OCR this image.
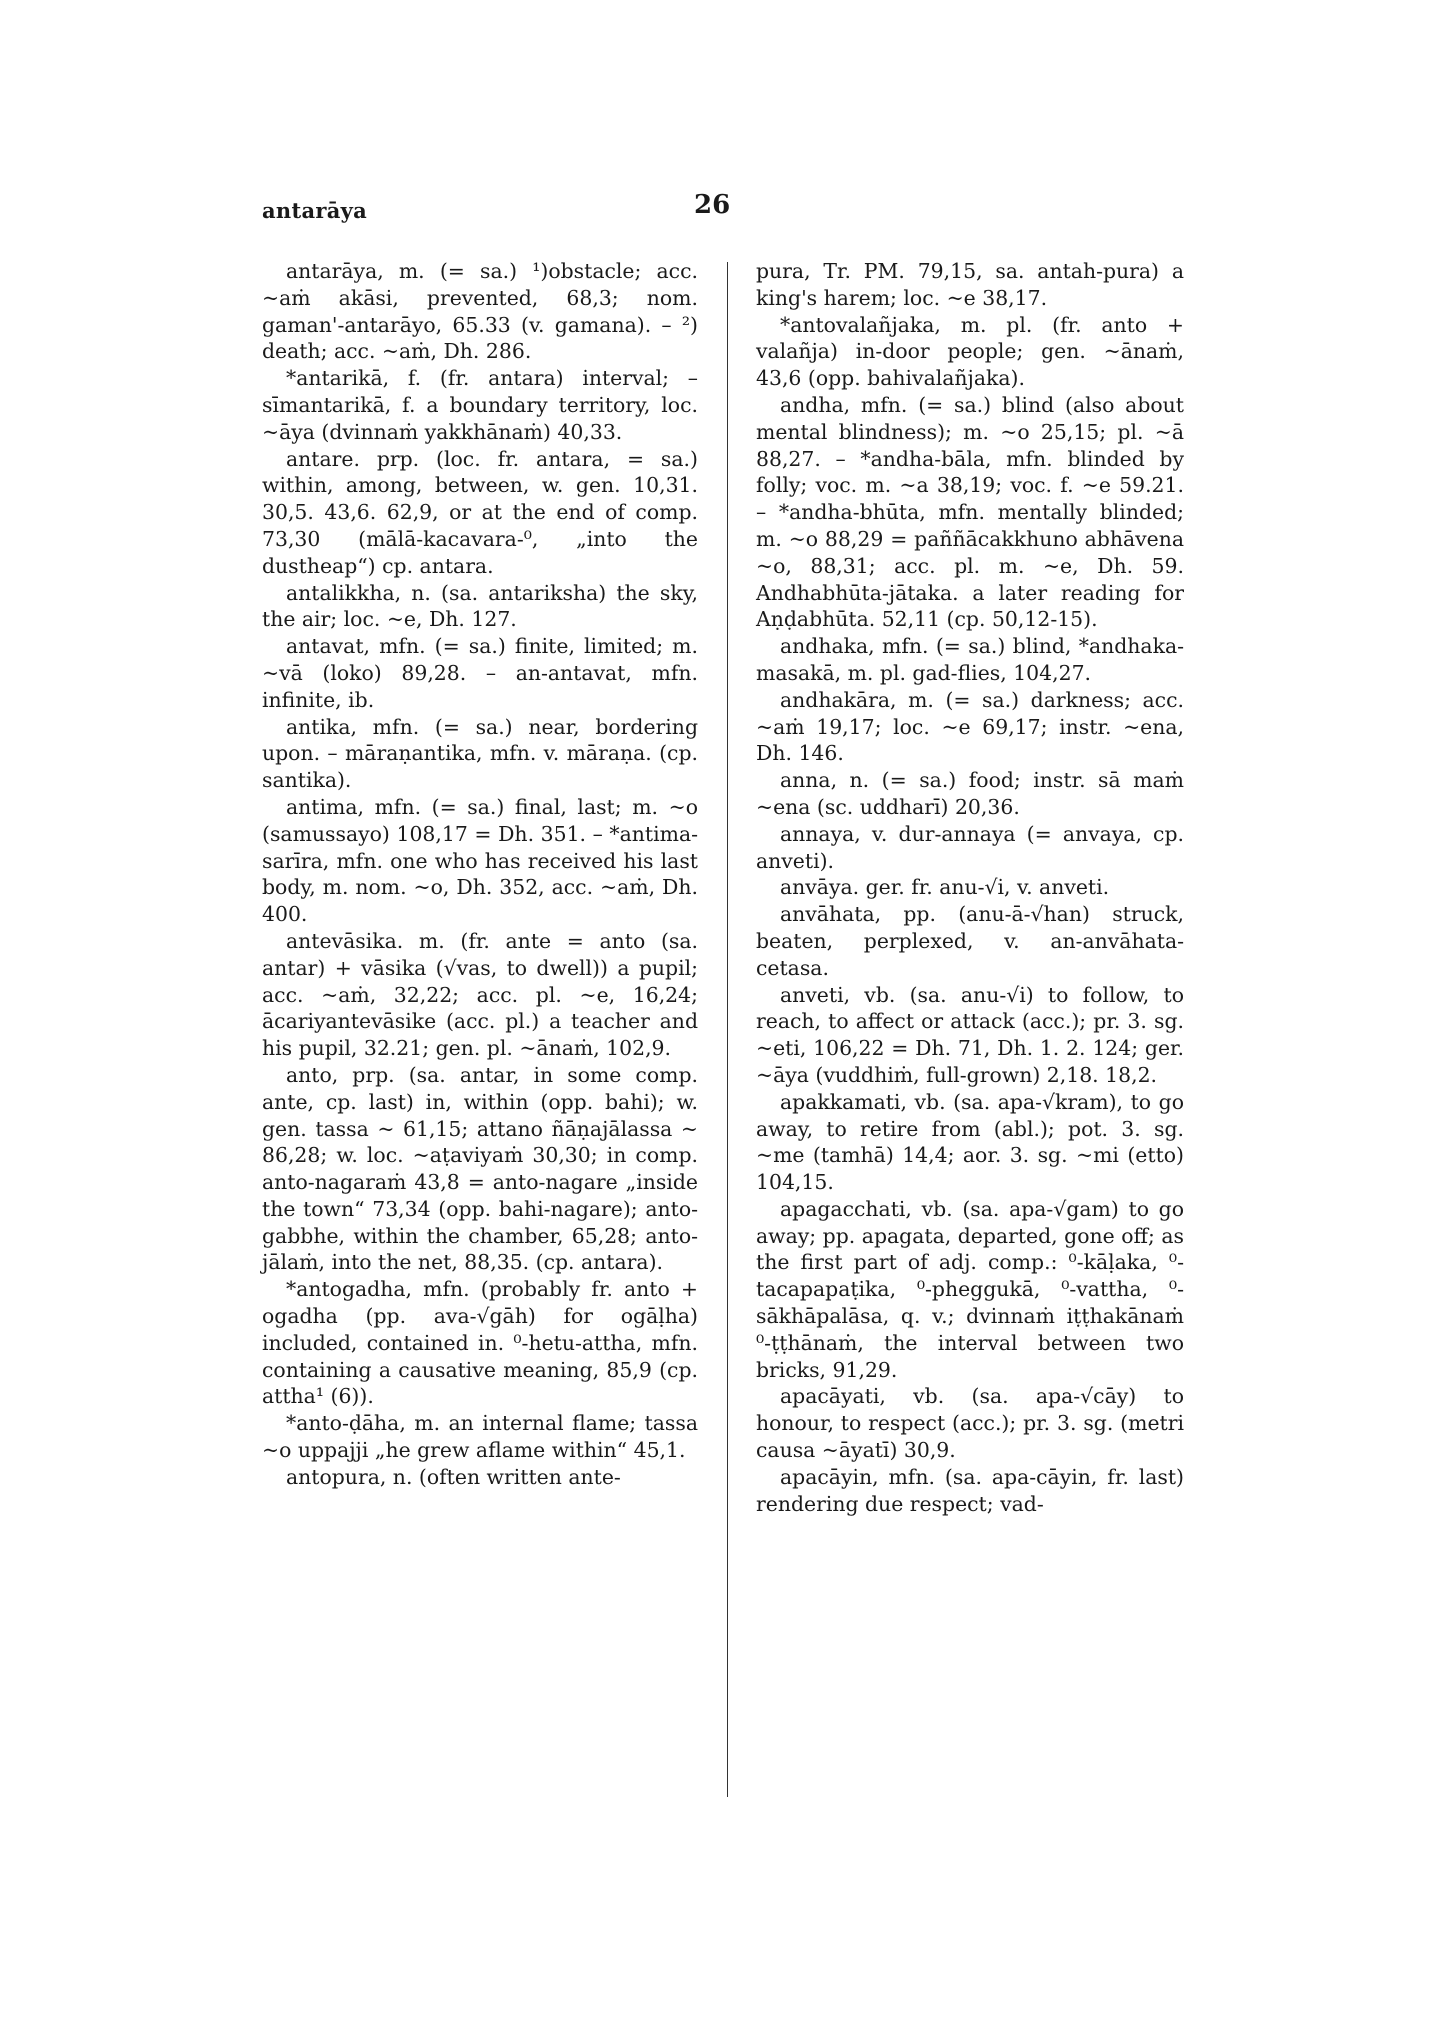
antarāya	26

antarāya, m. (= sa.) ¹)obstacle; acc. ~aṁ akāsi, prevented, 68,3; nom. gaman'-antarāyo, 65.33 (v. gamana). – ²) death; acc. ~aṁ, Dh. 286.

*antarikā, f. (fr. antara) interval; – sīmantarikā, f. a boundary territory, loc. ~āya (dvinnaṁ yakkhānaṁ) 40,33.

antare. prp. (loc. fr. antara, = sa.) within, among, between, w. gen. 10,31. 30,5. 43,6. 62,9, or at the end of comp. 73,30 (mālā-kacavara-⁰, „into the dustheap“) cp. antara.

antalikkha, n. (sa. antariksha) the sky, the air; loc. ~e, Dh. 127.

antavat, mfn. (= sa.) finite, limited; m. ~vā (loko) 89,28. – an-antavat, mfn. infinite, ib.

antika, mfn. (= sa.) near, bordering upon. – māraṇantika, mfn. v. māraṇa. (cp. santika).

antima, mfn. (= sa.) final, last; m. ~o (samussayo) 108,17 = Dh. 351. – *antima-sarīra, mfn. one who has received his last body, m. nom. ~o, Dh. 352, acc. ~aṁ, Dh. 400.

antevāsika. m. (fr. ante = anto (sa. antar) + vāsika (√vas, to dwell)) a pupil; acc. ~aṁ, 32,22; acc. pl. ~e, 16,24; ācariyantevāsike (acc. pl.) a teacher and his pupil, 32.21; gen. pl. ~ānaṁ, 102,9.

anto, prp. (sa. antar, in some comp. ante, cp. last) in, within (opp. bahi); w. gen. tassa ~ 61,15; attano ñāṇajālassa ~ 86,28; w. loc. ~aṭaviyaṁ 30,30; in comp. anto-nagaraṁ 43,8 = anto-nagare „inside the town“ 73,34 (opp. bahi-nagare); anto-gabbhe, within the chamber, 65,28; anto-jālaṁ, into the net, 88,35. (cp. antara).

*antogadha, mfn. (probably fr. anto + ogadha (pp. ava-√gāh) for ogāḷha) included, contained in. ⁰-hetu-attha, mfn. containing a causative meaning, 85,9 (cp. attha¹ (6)).

*anto-ḍāha, m. an internal flame; tassa ~o uppajji „he grew aflame within“ 45,1.

antopura, n. (often written ante-

pura, Tr. PM. 79,15, sa. antah-pura) a king's harem; loc. ~e 38,17.

*antovalañjaka, m. pl. (fr. anto + valañja) in-door people; gen. ~ānaṁ, 43,6 (opp. bahivalañjaka).

andha, mfn. (= sa.) blind (also about mental blindness); m. ~o 25,15; pl. ~ā 88,27. – *andha-bāla, mfn. blinded by folly; voc. m. ~a 38,19; voc. f. ~e 59.21. – *andha-bhūta, mfn. mentally blinded; m. ~o 88,29 = paññācakkhuno abhāvena ~o, 88,31; acc. pl. m. ~e, Dh. 59. Andhabhūta-jātaka. a later reading for Aṇḍabhūta. 52,11 (cp. 50,12-15).

andhaka, mfn. (= sa.) blind, *andhaka-masakā, m. pl. gad-flies, 104,27.

andhakāra, m. (= sa.) darkness; acc. ~aṁ 19,17; loc. ~e 69,17; instr. ~ena, Dh. 146.

anna, n. (= sa.) food; instr. sā maṁ ~ena (sc. uddharī) 20,36.

annaya, v. dur-annaya (= anvaya, cp. anveti).

anvāya. ger. fr. anu-√i, v. anveti.

anvāhata, pp. (anu-ā-√han) struck, beaten, perplexed, v. an-anvāhata-cetasa.

anveti, vb. (sa. anu-√i) to follow, to reach, to affect or attack (acc.); pr. 3. sg. ~eti, 106,22 = Dh. 71, Dh. 1. 2. 124; ger. ~āya (vuddhiṁ, full-grown) 2,18. 18,2.

apakkamati, vb. (sa. apa-√kram), to go away, to retire from (abl.); pot. 3. sg. ~me (tamhā) 14,4; aor. 3. sg. ~mi (etto) 104,15.

apagacchati, vb. (sa. apa-√gam) to go away; pp. apagata, departed, gone off; as the first part of adj. comp.: ⁰-kāḷaka, ⁰-tacapapaṭika, ⁰-pheggukā, ⁰-vattha, ⁰-sākhāpalāsa, q. v.; dvinnaṁ iṭṭhakānaṁ ⁰-ṭṭhānaṁ, the interval between two bricks, 91,29.

apacāyati, vb. (sa. apa-√cāy) to honour, to respect (acc.); pr. 3. sg. (metri causa ~āyatī) 30,9.

apacāyin, mfn. (sa. apa-cāyin, fr. last) rendering due respect; vad-
